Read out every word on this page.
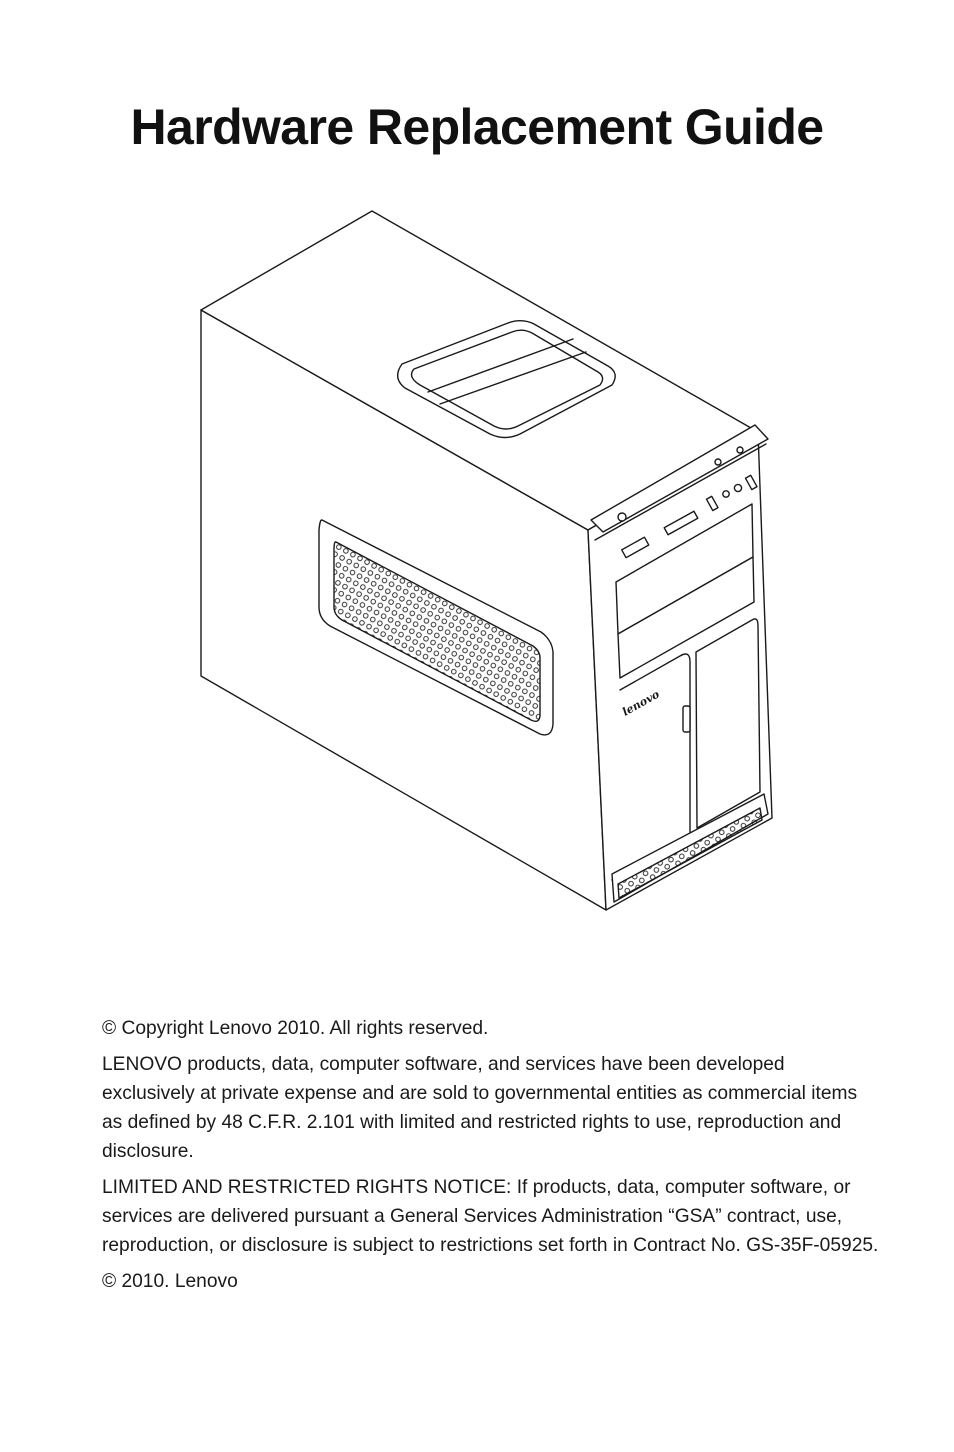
Hardware Replacement Guide
lenovo

© Copyright Lenovo 2010. All rights reserved.

LENOVO products, data, computer software, and services have been developed exclusively at private expense and are sold to governmental entities as commercial items as defined by 48 C.F.R. 2.101 with limited and restricted rights to use, reproduction and disclosure.

LIMITED AND RESTRICTED RIGHTS NOTICE: If products, data, computer software, or services are delivered pursuant a General Services Administration “GSA” contract, use, reproduction, or disclosure is subject to restrictions set forth in Contract No. GS-35F-05925.

© 2010. Lenovo
